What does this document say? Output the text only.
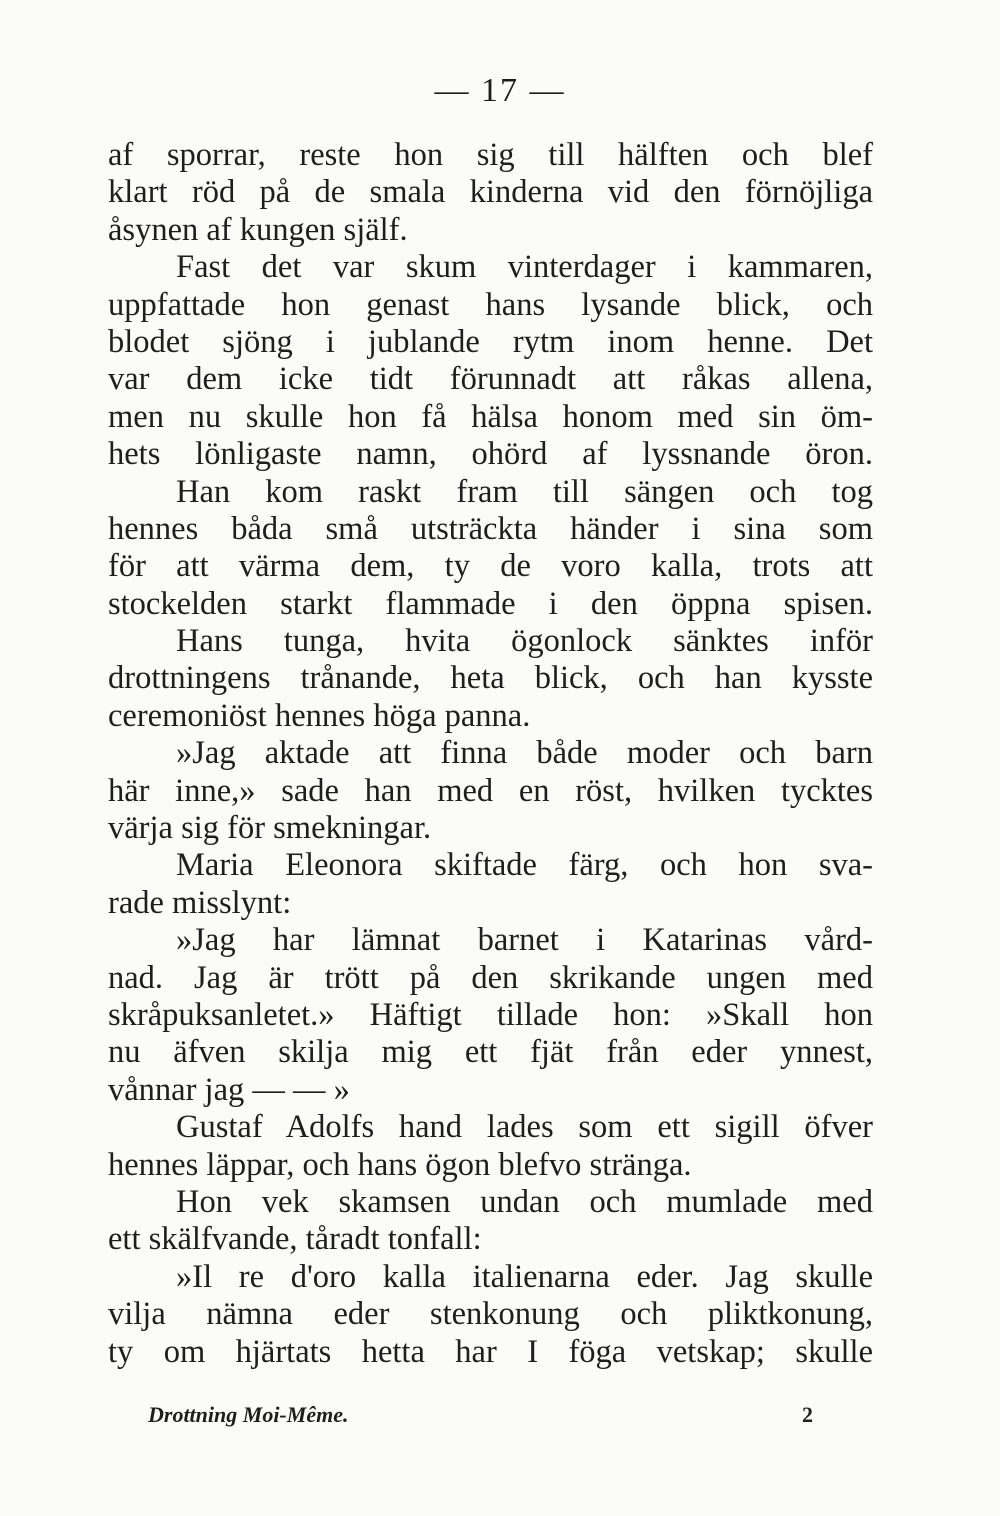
— 17 —
af sporrar, reste hon sig till hälften och blef
klart röd på de smala kinderna vid den förnöjliga
åsynen af kungen själf.
Fast det var skum vinterdager i kammaren,
uppfattade hon genast hans lysande blick, och
blodet sjöng i jublande rytm inom henne. Det
var dem icke tidt förunnadt att råkas allena,
men nu skulle hon få hälsa honom med sin öm-
hets lönligaste namn, ohörd af lyssnande öron.
Han kom raskt fram till sängen och tog
hennes båda små utsträckta händer i sina som
för att värma dem, ty de voro kalla, trots att
stockelden starkt flammade i den öppna spisen.
Hans tunga, hvita ögonlock sänktes inför
drottningens trånande, heta blick, och han kysste
ceremoniöst hennes höga panna.
»Jag aktade att finna både moder och barn
här inne,» sade han med en röst, hvilken tycktes
värja sig för smekningar.
Maria Eleonora skiftade färg, och hon sva-
rade misslynt:
»Jag har lämnat barnet i Katarinas vård-
nad. Jag är trött på den skrikande ungen med
skråpuksanletet.» Häftigt tillade hon: »Skall hon
nu äfven skilja mig ett fjät från eder ynnest,
vånnar jag — — »
Gustaf Adolfs hand lades som ett sigill öfver
hennes läppar, och hans ögon blefvo stränga.
Hon vek skamsen undan och mumlade med
ett skälfvande, tåradt tonfall:
»Il re d'oro kalla italienarna eder. Jag skulle
vilja nämna eder stenkonung och pliktkonung,
ty om hjärtats hetta har I föga vetskap; skulle
Drottning Moi-Même.	2
